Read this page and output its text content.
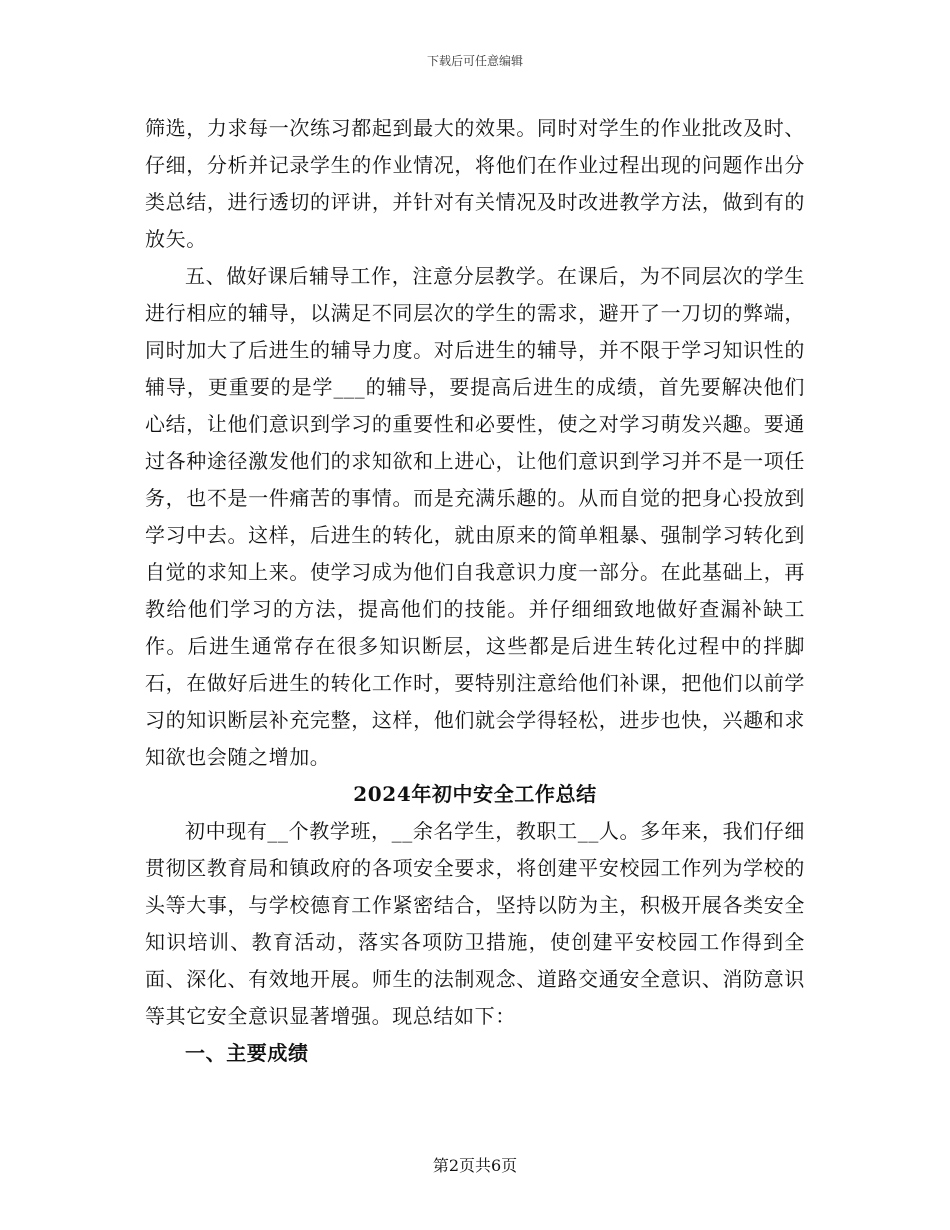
下载后可任意编辑

筛选，力求每一次练习都起到最大的效果。同时对学生的作业批改及时、仔细，分析并记录学生的作业情况，将他们在作业过程出现的问题作出分类总结，进行透切的评讲，并针对有关情况及时改进教学方法，做到有的放矢。

五、做好课后辅导工作，注意分层教学。在课后，为不同层次的学生进行相应的辅导，以满足不同层次的学生的需求，避开了一刀切的弊端，同时加大了后进生的辅导力度。对后进生的辅导，并不限于学习知识性的辅导，更重要的是学___的辅导，要提高后进生的成绩，首先要解决他们心结，让他们意识到学习的重要性和必要性，使之对学习萌发兴趣。要通过各种途径激发他们的求知欲和上进心，让他们意识到学习并不是一项任务，也不是一件痛苦的事情。而是充满乐趣的。从而自觉的把身心投放到学习中去。这样，后进生的转化，就由原来的简单粗暴、强制学习转化到自觉的求知上来。使学习成为他们自我意识力度一部分。在此基础上，再教给他们学习的方法，提高他们的技能。并仔细细致地做好查漏补缺工作。后进生通常存在很多知识断层，这些都是后进生转化过程中的拌脚石，在做好后进生的转化工作时，要特别注意给他们补课，把他们以前学习的知识断层补充完整，这样，他们就会学得轻松，进步也快，兴趣和求知欲也会随之增加。

2024年初中安全工作总结

初中现有__个教学班，__余名学生，教职工__人。多年来，我们仔细贯彻区教育局和镇政府的各项安全要求，将创建平安校园工作列为学校的头等大事，与学校德育工作紧密结合，坚持以防为主，积极开展各类安全知识培训、教育活动，落实各项防卫措施，使创建平安校园工作得到全面、深化、有效地开展。师生的法制观念、道路交通安全意识、消防意识等其它安全意识显著增强。现总结如下：

一、主要成绩

第2页共6页
